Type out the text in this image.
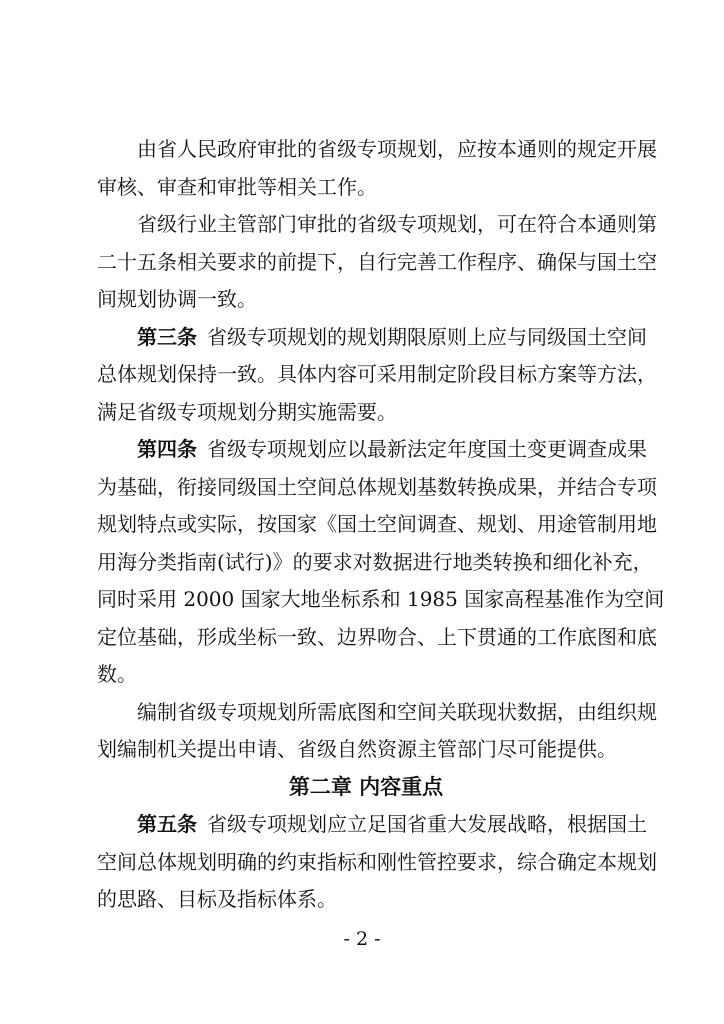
由省人民政府审批的省级专项规划，应按本通则的规定开展
审核、审查和审批等相关工作。
省级行业主管部门审批的省级专项规划，可在符合本通则第
二十五条相关要求的前提下，自行完善工作程序、确保与国土空
间规划协调一致。
第三条 省级专项规划的规划期限原则上应与同级国土空间
总体规划保持一致。具体内容可采用制定阶段目标方案等方法，
满足省级专项规划分期实施需要。
第四条 省级专项规划应以最新法定年度国土变更调查成果
为基础，衔接同级国土空间总体规划基数转换成果，并结合专项
规划特点或实际，按国家《国土空间调查、规划、用途管制用地
用海分类指南(试行)》的要求对数据进行地类转换和细化补充，
同时采用 2000 国家大地坐标系和 1985 国家高程基准作为空间
定位基础，形成坐标一致、边界吻合、上下贯通的工作底图和底
数。
编制省级专项规划所需底图和空间关联现状数据，由组织规
划编制机关提出申请、省级自然资源主管部门尽可能提供。
第二章 内容重点
第五条 省级专项规划应立足国省重大发展战略，根据国土
空间总体规划明确的约束指标和刚性管控要求，综合确定本规划
的思路、目标及指标体系。
- 2 -
